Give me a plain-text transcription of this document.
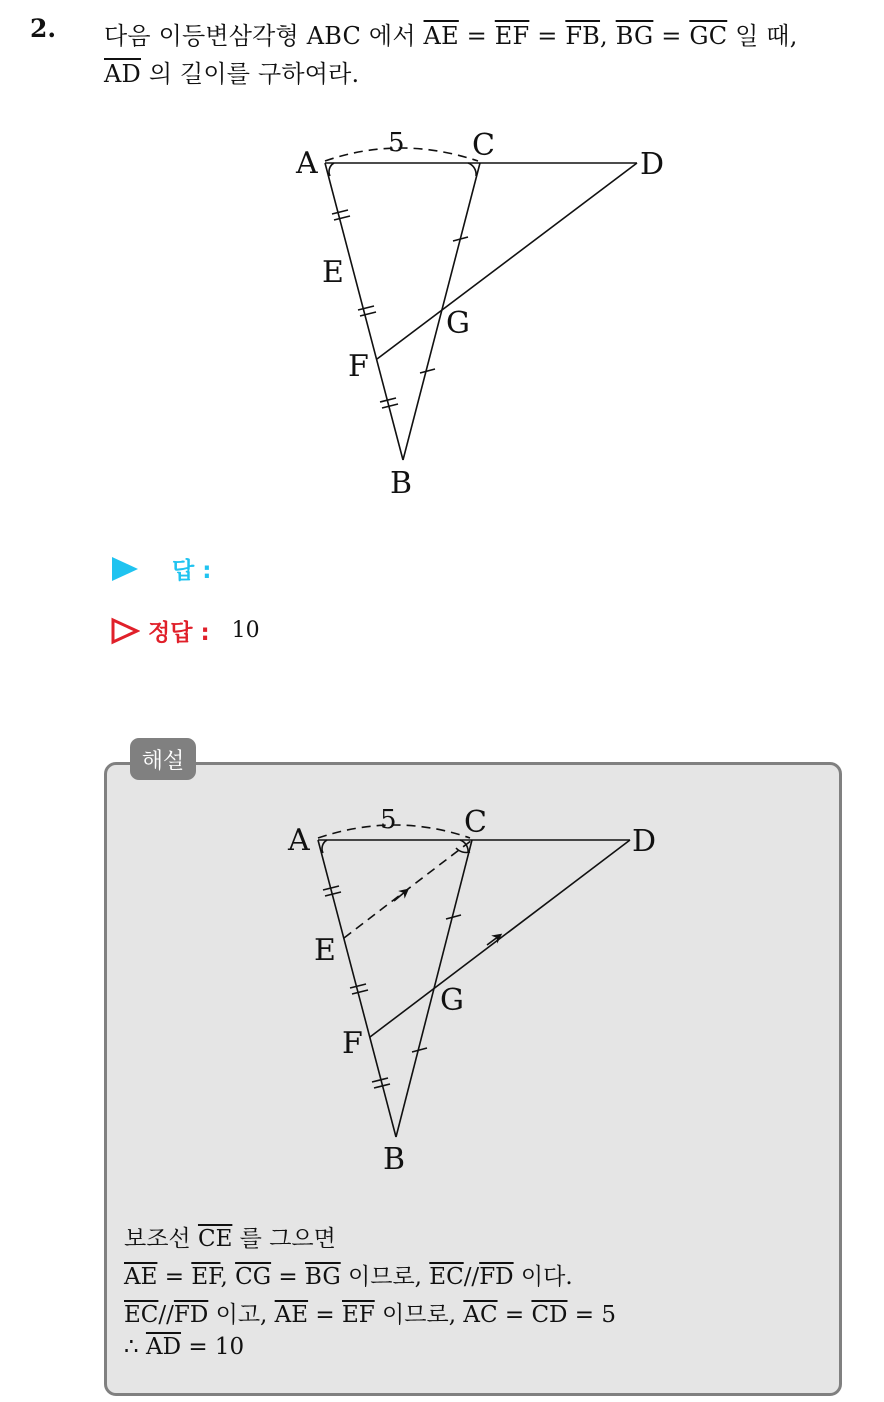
2. 다음 이등변삼각형 ABC 에서 $\overline{AE} = \overline{EF} = \overline{FB}$, $\overline{BG} = \overline{GC}$ 일 때,
$\overline{AD}$ 의 길이를 구하여라.
A
C
D
E
F
G
B
5
답 :
정답 : 10
해설
A
C
D
E
F
G
B
5
보조선 $\overline{CE}$ 를 그으면
$\overline{AE} = \overline{EF}$, $\overline{CG} = \overline{BG}$ 이므로, $\overline{EC}//\overline{FD}$ 이다.
$\overline{EC}//\overline{FD}$ 이고, $\overline{AE} = \overline{EF}$ 이므로, $\overline{AC} = \overline{CD} = 5$
∴ $\overline{AD} = 10$
